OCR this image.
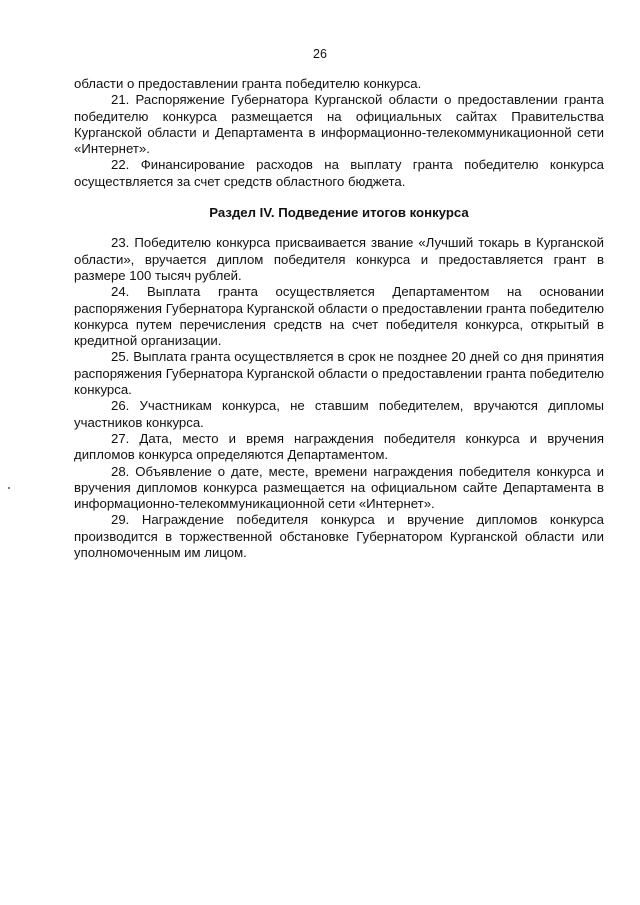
26

области о предоставлении гранта победителю конкурса.

21. Распоряжение Губернатора Курганской области о предоставлении гранта победителю конкурса размещается на официальных сайтах Правительства Курганской области и Департамента в информационно-телекоммуникационной сети «Интернет».

22. Финансирование расходов на выплату гранта победителю конкурса осуществляется за счет средств областного бюджета.

Раздел IV. Подведение итогов конкурса

23. Победителю конкурса присваивается звание «Лучший токарь в Курганской области», вручается диплом победителя конкурса и предоставляется грант в размере 100 тысяч рублей.

24. Выплата гранта осуществляется Департаментом на основании распоряжения Губернатора Курганской области о предоставлении гранта победителю конкурса путем перечисления средств на счет победителя конкурса, открытый в кредитной организации.

25. Выплата гранта осуществляется в срок не позднее 20 дней со дня принятия распоряжения Губернатора Курганской области о предоставлении гранта победителю конкурса.

26. Участникам конкурса, не ставшим победителем, вручаются дипломы участников конкурса.

27. Дата, место и время награждения победителя конкурса и вручения дипломов конкурса определяются Департаментом.

28. Объявление о дате, месте, времени награждения победителя конкурса и вручения дипломов конкурса размещается на официальном сайте Департамента в информационно-телекоммуникационной сети «Интернет».

29. Награждение победителя конкурса и вручение дипломов конкурса производится в торжественной обстановке Губернатором Курганской области или уполномоченным им лицом.
